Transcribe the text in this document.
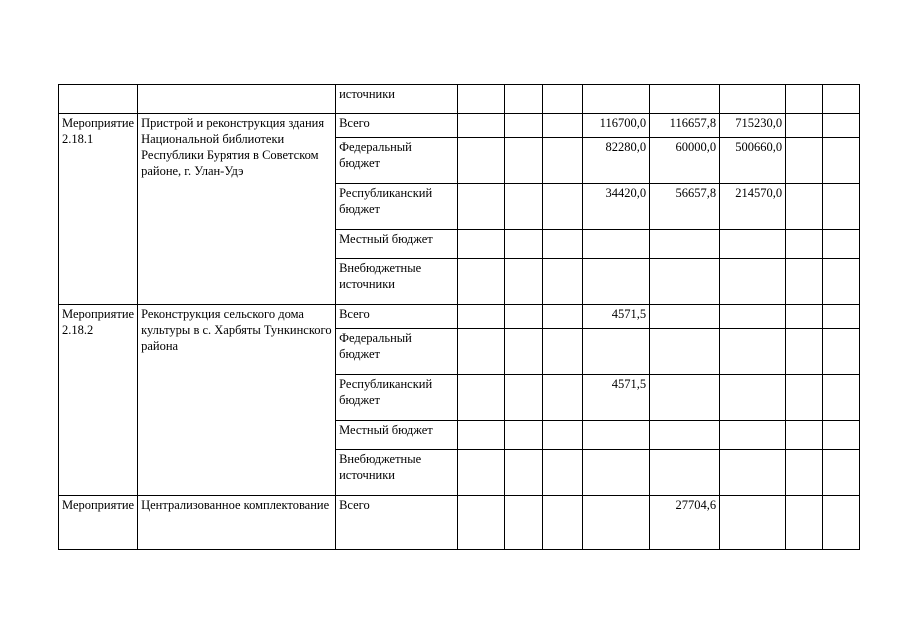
		источники								
Мероприятие 2.18.1	Пристрой и реконструкция здания Национальной библиотеки Республики Бурятия в Советском районе, г. Улан-Удэ	Всего				116700,0	116657,8	715230,0		
		Федеральный бюджет				82280,0	60000,0	500660,0		
		Республиканский бюджет				34420,0	56657,8	214570,0		
		Местный бюджет								
		Внебюджетные источники								
Мероприятие 2.18.2	Реконструкция сельского дома культуры в с. Харбяты Тункинского района	Всего				4571,5				
		Федеральный бюджет								
		Республиканский бюджет				4571,5				
		Местный бюджет								
		Внебюджетные источники								
Мероприятие	Централизованное комплектование	Всего					27704,6			
